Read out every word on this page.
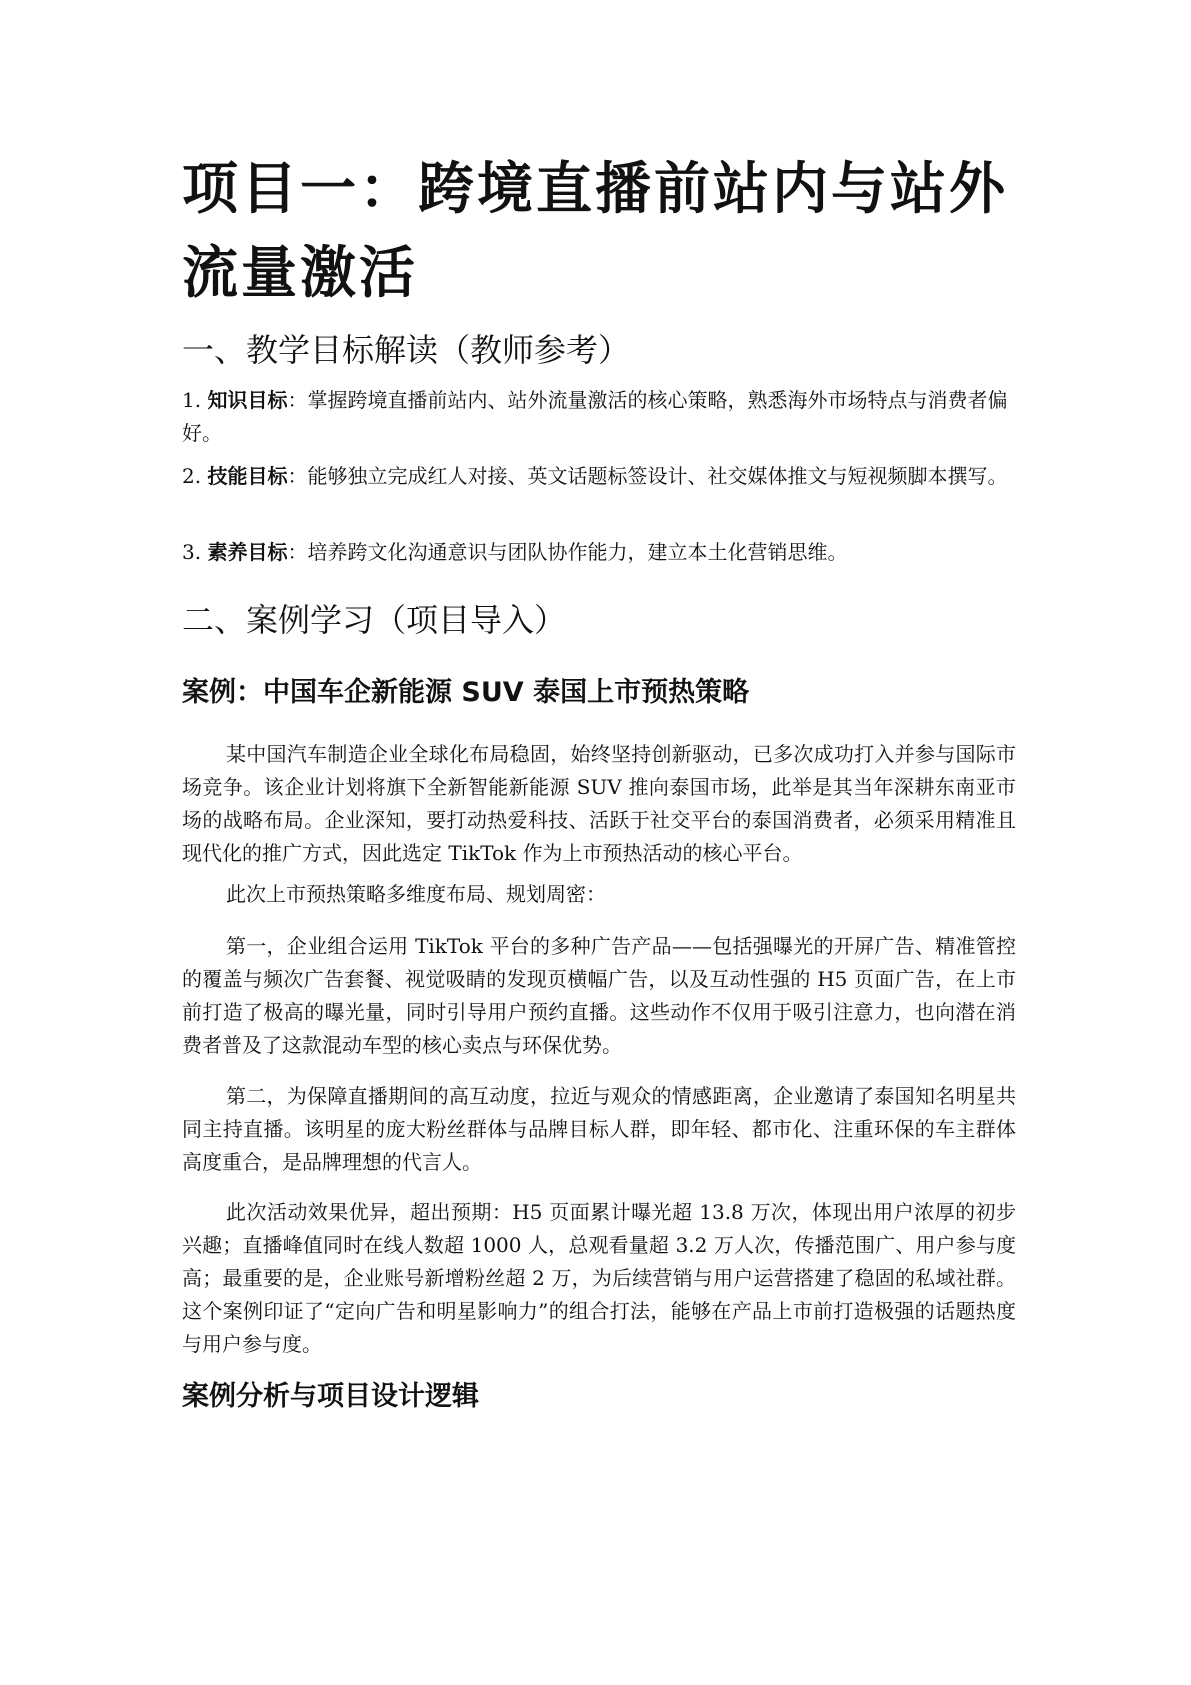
项目一：跨境直播前站内与站外流量激活
一、教学目标解读（教师参考）

1. 知识目标：掌握跨境直播前站内、站外流量激活的核心策略，熟悉海外市场特点与消费者偏好。

2. 技能目标：能够独立完成红人对接、英文话题标签设计、社交媒体推文与短视频脚本撰写。

3. 素养目标：培养跨文化沟通意识与团队协作能力，建立本土化营销思维。

二、案例学习（项目导入）
案例：中国车企新能源 SUV 泰国上市预热策略

某中国汽车制造企业全球化布局稳固，始终坚持创新驱动，已多次成功打入并参与国际市场竞争。该企业计划将旗下全新智能新能源 SUV 推向泰国市场，此举是其当年深耕东南亚市场的战略布局。企业深知，要打动热爱科技、活跃于社交平台的泰国消费者，必须采用精准且现代化的推广方式，因此选定 TikTok 作为上市预热活动的核心平台。

此次上市预热策略多维度布局、规划周密：

第一，企业组合运用 TikTok 平台的多种广告产品——包括强曝光的开屏广告、精准管控的覆盖与频次广告套餐、视觉吸睛的发现页横幅广告，以及互动性强的 H5 页面广告，在上市前打造了极高的曝光量，同时引导用户预约直播。这些动作不仅用于吸引注意力，也向潜在消费者普及了这款混动车型的核心卖点与环保优势。

第二，为保障直播期间的高互动度，拉近与观众的情感距离，企业邀请了泰国知名明星共同主持直播。该明星的庞大粉丝群体与品牌目标人群，即年轻、都市化、注重环保的车主群体高度重合，是品牌理想的代言人。

此次活动效果优异，超出预期：H5 页面累计曝光超 13.8 万次，体现出用户浓厚的初步兴趣；直播峰值同时在线人数超 1000 人，总观看量超 3.2 万人次，传播范围广、用户参与度高；最重要的是，企业账号新增粉丝超 2 万，为后续营销与用户运营搭建了稳固的私域社群。这个案例印证了“定向广告和明星影响力”的组合打法，能够在产品上市前打造极强的话题热度与用户参与度。

案例分析与项目设计逻辑
